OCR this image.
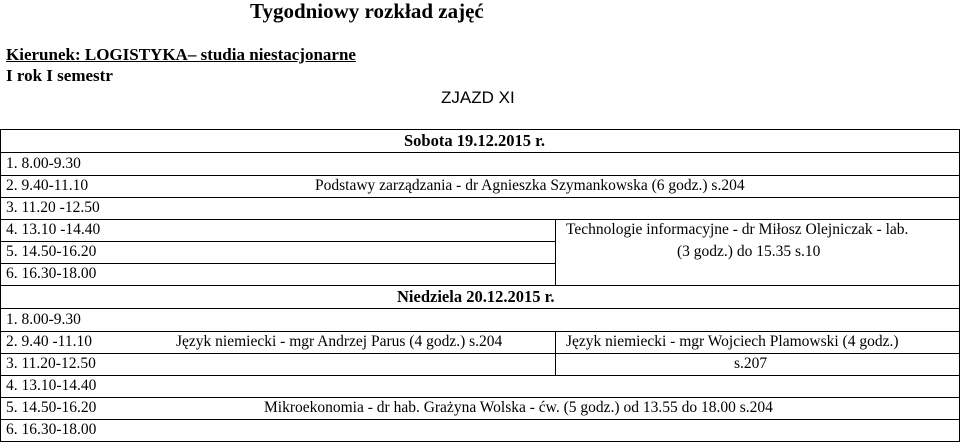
Tygodniowy rozkład zajęć
Kierunek: LOGISTYKA– studia niestacjonarne
I rok I semestr
ZJAZD XI
Sobota 19.12.2015 r.
1. 8.00-9.30
2. 9.40-11.10
3. 11.20 -12.50
4. 13.10 -14.40
5. 14.50-16.20
6. 16.30-18.00
Podstawy zarządzania - dr Agnieszka Szymankowska (6 godz.) s.204
Technologie informacyjne - dr Miłosz Olejniczak - lab.
(3 godz.) do 15.35 s.10
Niedziela 20.12.2015 r.
1. 8.00-9.30
2. 9.40 -11.10
3. 11.20-12.50
4. 13.10-14.40
5. 14.50-16.20
6. 16.30-18.00
Język niemiecki - mgr Andrzej Parus (4 godz.) s.204	Język niemiecki - mgr Wojciech Plamowski (4 godz.)
s.207
Mikroekonomia - dr hab. Grażyna Wolska - ćw. (5 godz.) od 13.55 do 18.00 s.204
